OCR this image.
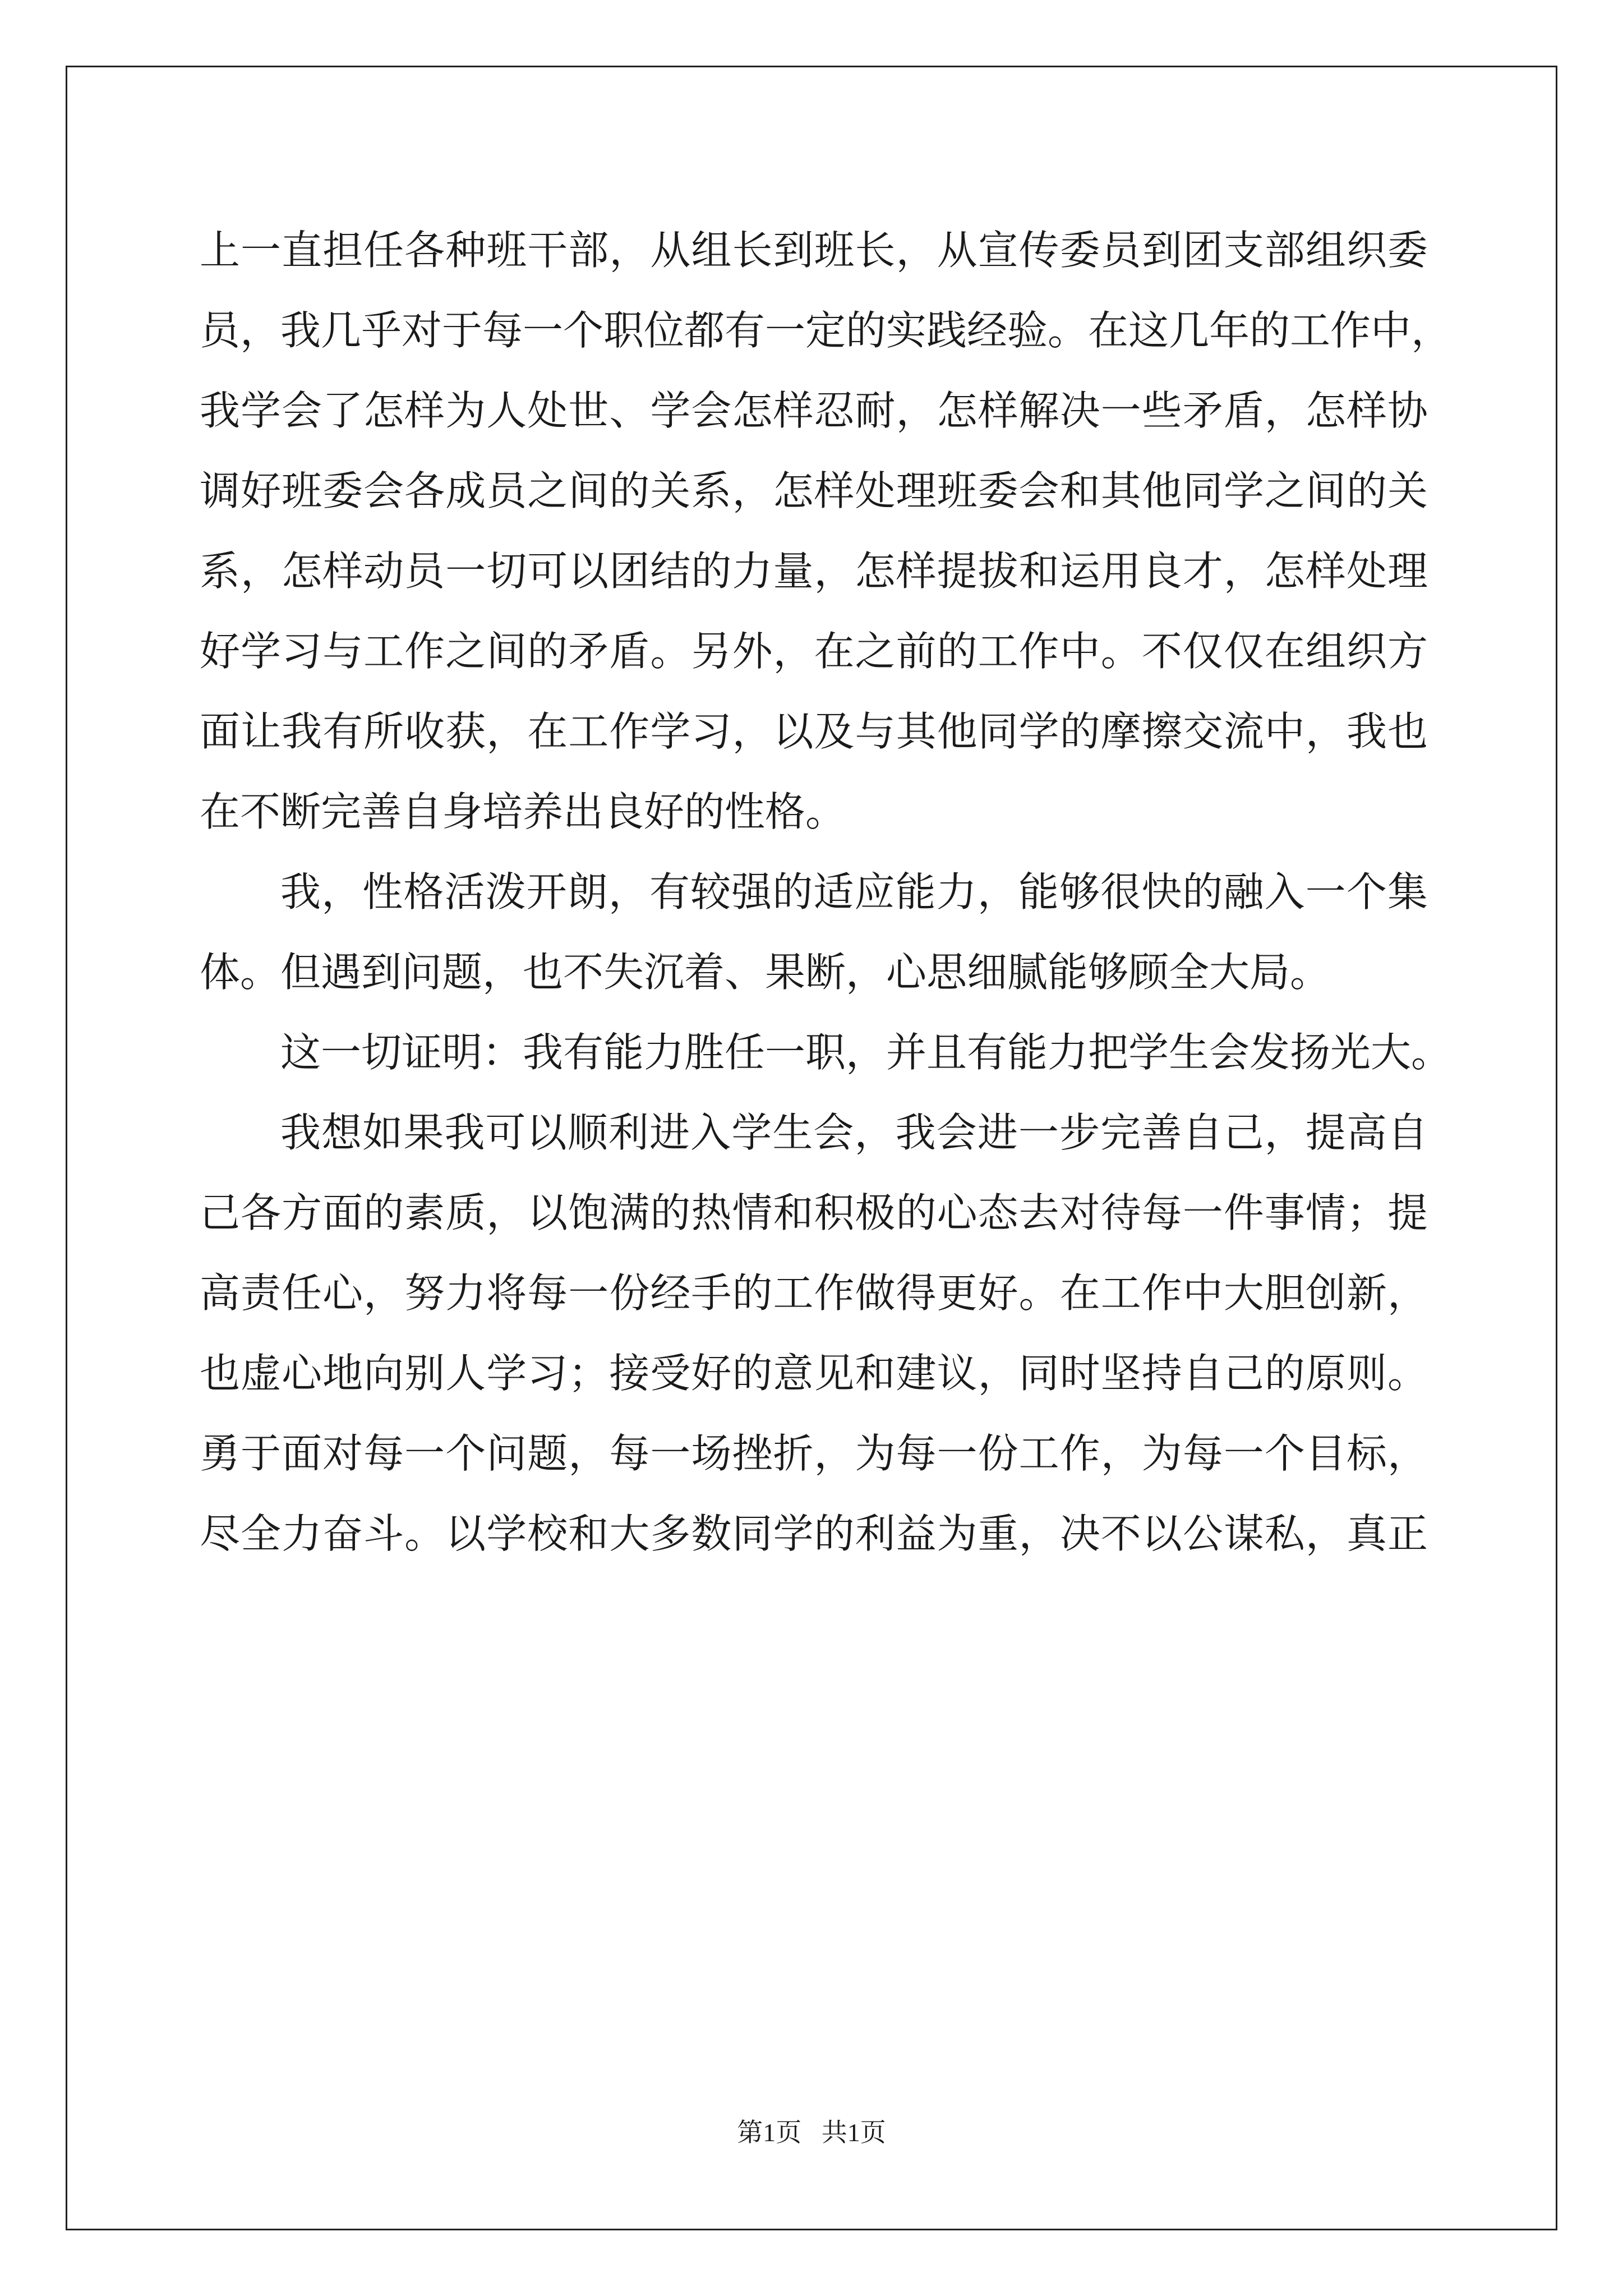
上一直担任各种班干部，从组长到班长，从宣传委员到团支部组织委
员，我几乎对于每一个职位都有一定的实践经验。在这几年的工作中，
我学会了怎样为人处世、学会怎样忍耐，怎样解决一些矛盾，怎样协
调好班委会各成员之间的关系，怎样处理班委会和其他同学之间的关
系，怎样动员一切可以团结的力量，怎样提拔和运用良才，怎样处理
好学习与工作之间的矛盾。另外，在之前的工作中。不仅仅在组织方
面让我有所收获，在工作学习，以及与其他同学的摩擦交流中，我也
在不断完善自身培养出良好的性格。
我，性格活泼开朗，有较强的适应能力，能够很快的融入一个集
体。但遇到问题，也不失沉着、果断，心思细腻能够顾全大局。
这一切证明：我有能力胜任一职，并且有能力把学生会发扬光大。
我想如果我可以顺利进入学生会，我会进一步完善自己，提高自
己各方面的素质，以饱满的热情和积极的心态去对待每一件事情；提
高责任心，努力将每一份经手的工作做得更好。在工作中大胆创新，
也虚心地向别人学习；接受好的意见和建议，同时坚持自己的原则。
勇于面对每一个问题，每一场挫折，为每一份工作，为每一个目标，
尽全力奋斗。以学校和大多数同学的利益为重，决不以公谋私，真正
第1页 共1页
